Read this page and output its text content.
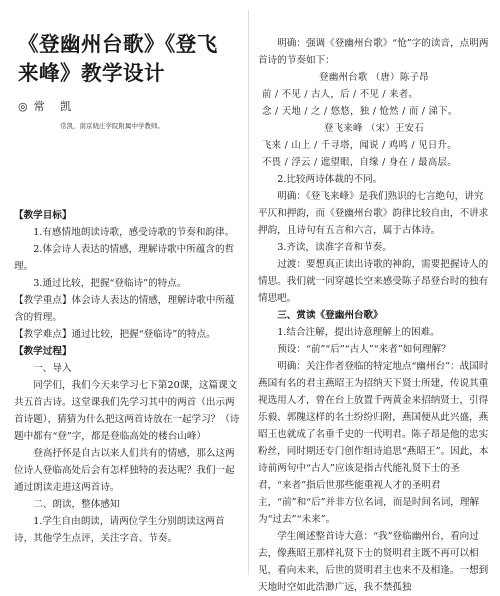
《登幽州台歌》《登飞来峰》教学设计
◎常 凯
常凯，南京晓庄学院附属中学教师。

【教学目标】

1.有感情地朗读诗歌，感受诗歌的节奏和韵律。

2.体会诗人表达的情感，理解诗歌中所蕴含的哲理。

3.通过比较，把握“登临诗”的特点。

【教学重点】体会诗人表达的情感，理解诗歌中所蕴含的哲理。

【教学难点】通过比较，把握“登临诗”的特点。

【教学过程】

一、导入

同学们，我们今天来学习七下第20课，这篇课文共五首古诗。这堂课我们先学习其中的两首（出示两首诗题），猜猜为什么把这两首诗放在一起学习？（诗题中都有“登”字，都是登临高处的楼台山峰）

登高抒怀是自古以来人们共有的情感，那么这两位诗人登临高处后会有怎样独特的表达呢？我们一起通过朗读走进这两首诗。

二、朗读，整体感知

1.学生自由朗读，请两位学生分别朗读这两首诗，其他学生点评，关注字音、节奏。

明确：强调《登幽州台歌》“怆”字的读音，点明两首诗的节奏如下：

登幽州台歌 （唐）陈子昂

前 / 不见 / 古人，后 / 不见 / 来者。

念 / 天地 / 之 / 悠悠，独 / 怆然 / 而 / 涕下。

登飞来峰 （宋）王安石

飞来 / 山上 / 千寻塔，闻说 / 鸡鸣 / 见日升。

不畏 / 浮云 / 遮望眼，自缘 / 身在 / 最高层。

2.比较两诗体裁的不同。

明确：《登飞来峰》是我们熟识的七言绝句，讲究平仄和押韵，而《登幽州台歌》韵律比较自由，不讲求押韵，且诗句有五言和六言，属于古体诗。

3.齐读，读准字音和节奏。

过渡：要想真正读出诗歌的神韵，需要把握诗人的情思。我们就一同穿越长空来感受陈子昂登台时的独有情思吧。

三、赏读《登幽州台歌》

1.结合注解，提出诗意理解上的困难。

预设：“前”“后”“古人”“来者”如何理解？

明确：关注作者登临的特定地点“幽州台”：战国时燕国有名的君主燕昭王为招纳天下贤士所建，传说其重视选用人才，曾在台上放置千两黄金来招纳贤士，引得乐毅、郭隗这样的名士纷纷归附，燕国便从此兴盛，燕昭王也就成了名垂千史的一代明君。陈子昂是他的忠实粉丝，同时期还专门创作组诗追思“燕昭王”。因此，本诗前两句中“古人”应该是指古代能礼贤下士的圣君，“来者”指后世那些能重视人才的圣明君主，“前”和“后”并非方位名词，而是时间名词，理解为“过去”“未来”。

学生阐述整首诗大意：“我”登临幽州台，看向过去，像燕昭王那样礼贤下士的贤明君主既不再可以相见，看向未来，后世的贤明君主也来不及相逢。一想到天地时空如此浩渺广远，我不禁孤独
